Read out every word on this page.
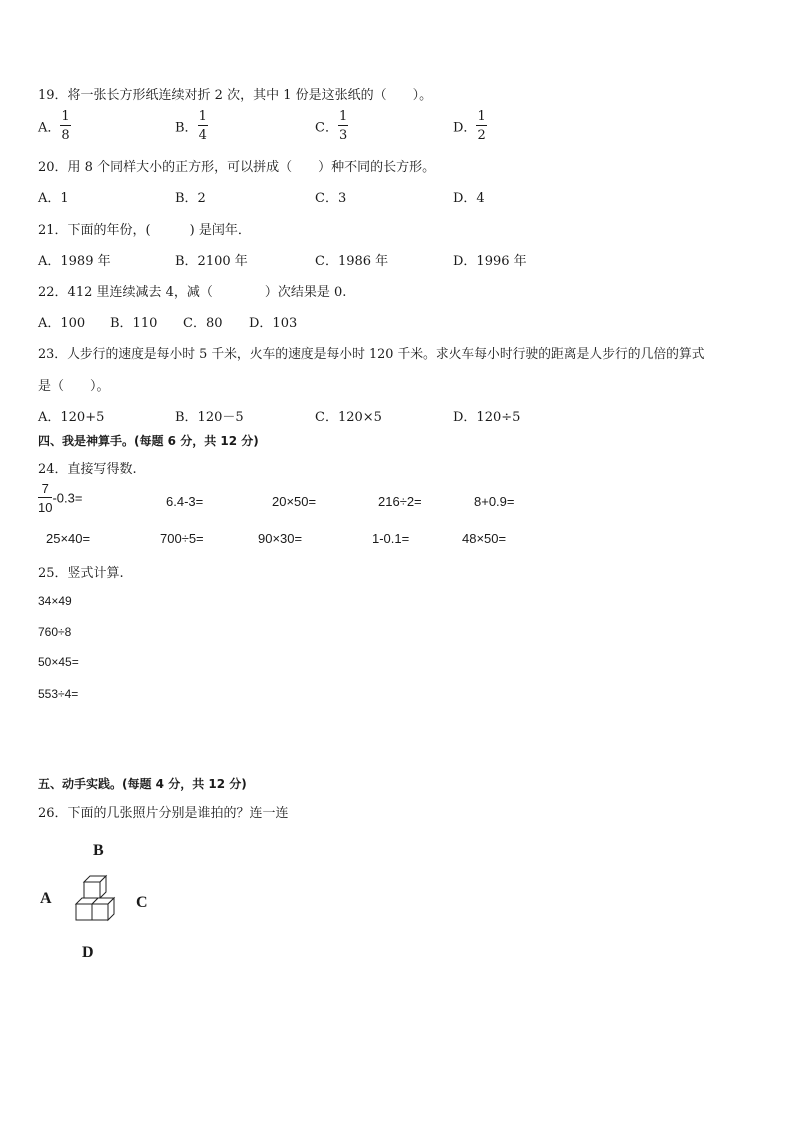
19．将一张长方形纸连续对折 2 次，其中 1 份是这张纸的（　　）。
A． $\frac{1}{8}$	B． $\frac{1}{4}$	C． $\frac{1}{3}$	D． $\frac{1}{2}$
20．用 8 个同样大小的正方形，可以拼成（　　）种不同的长方形。
A．1	B．2	C．3	D．4
21．下面的年份，(　　　) 是闰年．
A．1989 年	B．2100 年	C．1986 年	D．1996 年
22．412 里连续减去 4，减（　　　　）次结果是 0.
A．100 B．110 C．80 D．103
23．人步行的速度是每小时 5 千米，火车的速度是每小时 120 千米。求火车每小时行驶的距离是人步行的几倍的算式
是（　　）。
A．120+5	B．120－5	C．120×5	D．120÷5
四、我是神算手。(每题 6 分，共 12 分)
24．直接写得数.
$\frac{7}{10} -0.3=$	6.4-3=	20×50=	216÷2=	8+0.9=
25×40=	700÷5=	90×30=	1-0.1=	48×50=
25．竖式计算.
34×49
760÷8
50×45=
553÷4=
五、动手实践。(每题 4 分，共 12 分)
26．下面的几张照片分别是谁拍的？连一连
B
A	C
D
